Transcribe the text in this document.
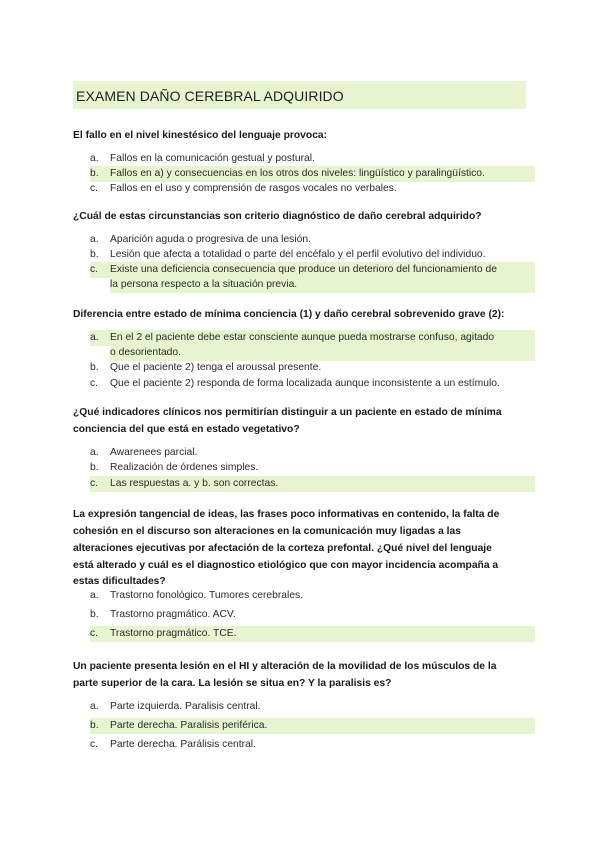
EXAMEN DAÑO CEREBRAL ADQUIRIDO
El fallo en el nivel kinestésico del lenguaje provoca:
a.	Fallos en la comunicación gestual y postural.
b.	Fallos en a) y consecuencias en los otros dos niveles: lingüístico y paralingüístico.
c.	Fallos en el uso y comprensión de rasgos vocales no verbales.
¿Cuál de estas circunstancias son criterio diagnóstico de daño cerebral adquirido?
a.	Aparición aguda o progresiva de una lesión.
b.	Lesión que afecta a totalidad o parte del encéfalo y el perfil evolutivo del individuo.
c.	Existe una deficiencia consecuencia que produce un deterioro del funcionamiento de
la persona respecto a la situación previa.
Diferencia entre estado de mínima conciencia (1) y daño cerebral sobrevenido grave (2):
a.	En el 2 el paciente debe estar consciente aunque pueda mostrarse confuso, agitado
o desorientado.
b.	Que el paciente 2) tenga el aroussal presente.
c.	Que el paciente 2) responda de forma localizada aunque inconsistente a un estímulo.
¿Qué indicadores clínicos nos permitirían distinguir a un paciente en estado de mínima
conciencia del que está en estado vegetativo?
a.	Awarenees parcial.
b.	Realización de órdenes simples.
c.	Las respuestas a. y b. son correctas.
La expresión tangencial de ideas, las frases poco informativas en contenido, la falta de
cohesión en el discurso son alteraciones en la comunicación muy ligadas a las
alteraciones ejecutivas por afectación de la corteza prefontal. ¿Qué nivel del lenguaje
está alterado y cuál es el diagnostico etiológico que con mayor incidencia acompaña a
estas dificultades?
a.	Trastorno fonológico. Tumores cerebrales.
b.	Trastorno pragmático. ACV.
c.	Trastorno pragmático. TCE.
Un paciente presenta lesión en el HI y alteración de la movilidad de los músculos de la
parte superior de la cara. La lesión se situa en? Y la paralisis es?
a.	Parte izquierda. Paralisis central.
b.	Parte derecha. Paralisis periférica.
c.	Parte derecha. Parálisis central.
